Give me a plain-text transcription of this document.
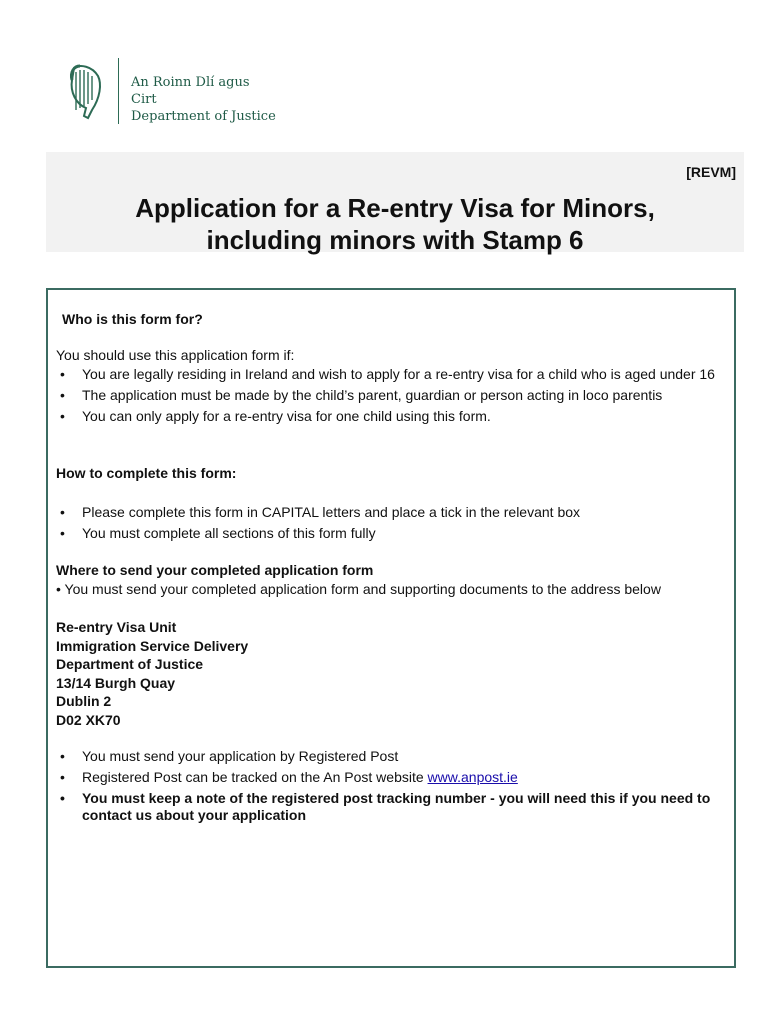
An Roinn Dlí agus Cirt
Department of Justice
[REVM]
Application for a Re-entry Visa for Minors,
including minors with Stamp 6
Who is this form for?
You should use this application form if:
• You are legally residing in Ireland and wish to apply for a re-entry visa for a child who is aged under 16
• The application must be made by the child’s parent, guardian or person acting in loco parentis
• You can only apply for a re-entry visa for one child using this form.
How to complete this form:
• Please complete this form in CAPITAL letters and place a tick in the relevant box
• You must complete all sections of this form fully
Where to send your completed application form
• You must send your completed application form and supporting documents to the address below
Re-entry Visa Unit
Immigration Service Delivery
Department of Justice
13/14 Burgh Quay
Dublin 2
D02 XK70
• You must send your application by Registered Post
• Registered Post can be tracked on the An Post website www.anpost.ie
• You must keep a note of the registered post tracking number - you will need this if you need to contact us about your application
